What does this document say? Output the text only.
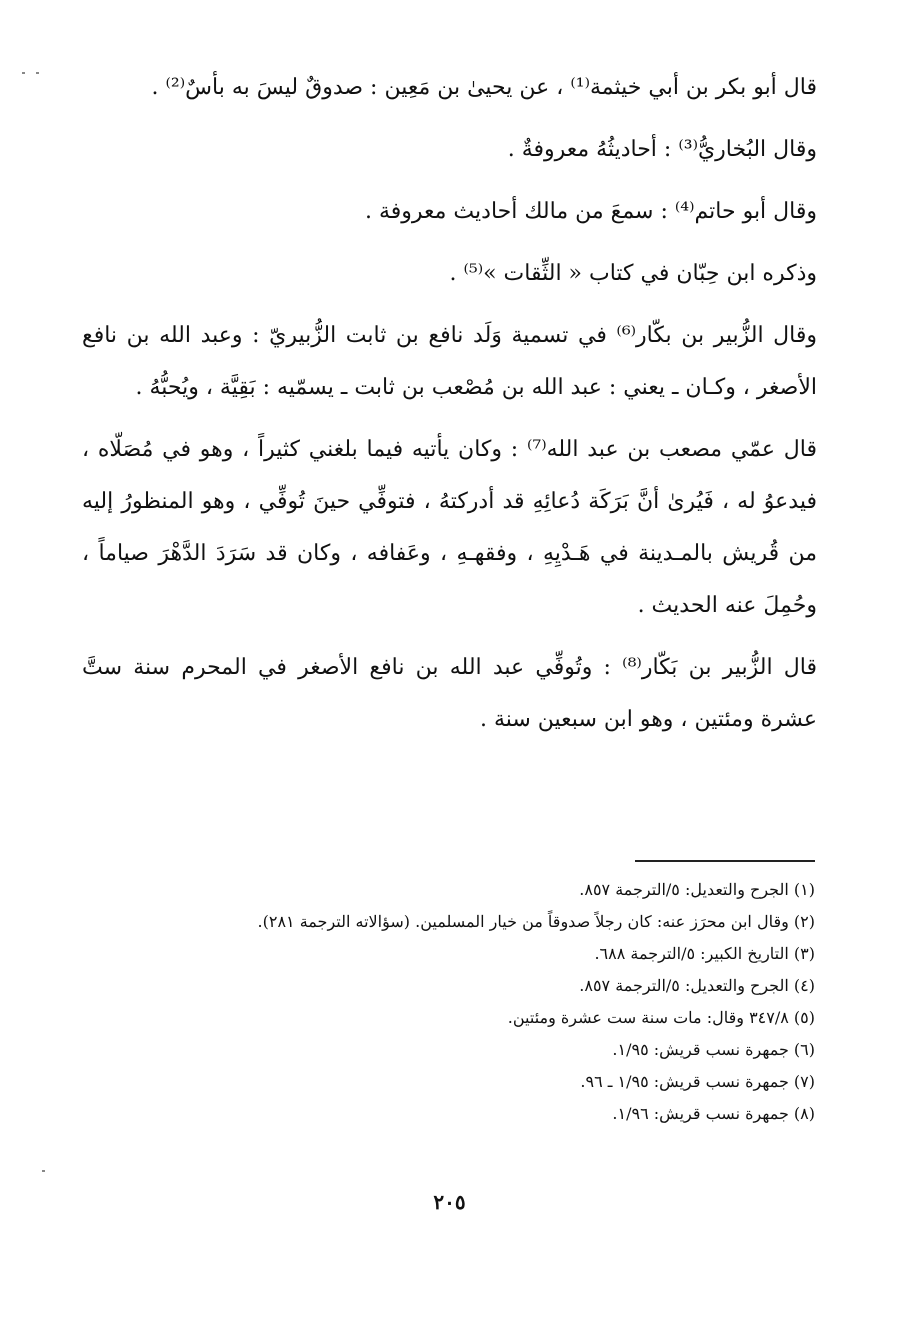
قال أبو بكر بن أبي خيثمة⁽¹⁾ ، عن يحيىٰ بن مَعِين : صدوقٌ ليسَ به بأسٌ⁽²⁾ .

وقال البُخاريُّ⁽³⁾ : أحاديثُهُ معروفةٌ .

وقال أبو حاتم⁽⁴⁾ : سمعَ من مالك أحاديث معروفة .

وذكره ابن حِبّان في كتاب « الثِّقات »⁽⁵⁾ .

وقال الزُّبير بن بكّار⁽⁶⁾ في تسمية وَلَد نافع بن ثابت الزُّبيريّ : وعبد الله بن نافع الأصغر ، وكـان ـ يعني : عبد الله بن مُصْعب بن ثابت ـ يسمّيه : بَقِيَّة ، ويُحبُّهُ .

قال عمّي مصعب بن عبد الله⁽⁷⁾ : وكان يأتيه فيما بلغني كثيراً ، وهو في مُصَلّاه ، فيدعوُ له ، فَيُرىٰ أنَّ بَرَكَة دُعائِهِ قد أدركتهُ ، فتوفِّي حينَ تُوفِّي ، وهو المنظورُ إليه من قُريش بالمـدينة في هَـدْيِهِ ، وفقهـهِ ، وعَفافه ، وكان قد سَرَدَ الدَّهْرَ صياماً ، وحُمِلَ عنه الحديث .

قال الزُّبير بن بَكّار⁽⁸⁾ : وتُوفِّي عبد الله بن نافع الأصغر في المحرم سنة ستَّ عشرة ومئتين ، وهو ابن سبعين سنة .

(١) الجرح والتعديل: ٥/الترجمة ٨٥٧.

(٢) وقال ابن محرَز عنه: كان رجلاً صدوقاً من خيار المسلمين. (سؤالاته الترجمة ٢٨١).

(٣) التاريخ الكبير: ٥/الترجمة ٦٨٨.

(٤) الجرح والتعديل: ٥/الترجمة ٨٥٧.

(٥) ٣٤٧/٨ وقال: مات سنة ست عشرة ومئتين.

(٦) جمهرة نسب قريش: ١/٩٥.

(٧) جمهرة نسب قريش: ١/٩٥ ـ ٩٦.

(٨) جمهرة نسب قريش: ١/٩٦.

٢٠٥
